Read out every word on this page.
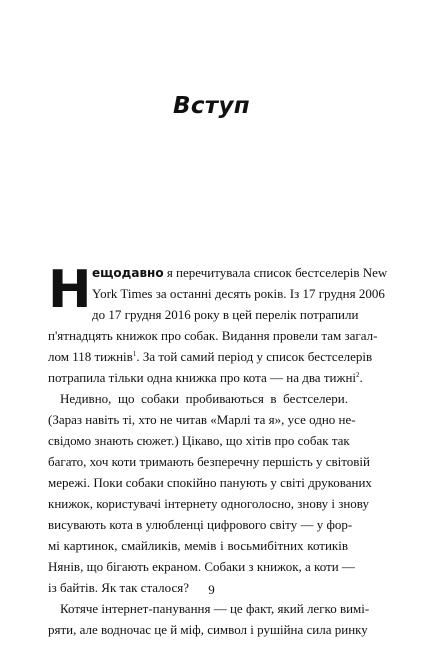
Вступ
Н ещодавно я перечитувала список бестселерів New
York Times за останні десять років. Із 17 грудня 2006
до 17 грудня 2016 року в цей перелік потрапили
п'ятнадцять книжок про собак. Видання провели там загал-
лом 118 тижнів$^1$. За той самий період у список бестселерів
потрапила тільки одна книжка про кота — на два тижні$^2$.
Недивно, що собаки пробиваються в бестселери.
(Зараз навіть ті, хто не читав «Марлі та я», усе одно не-
свідомо знають сюжет.) Цікаво, що хітів про собак так
багато, хоч коти тримають безперечну першість у світовій
мережі. Поки собаки спокійно панують у світі друкованих
книжок, користувачі інтернету одноголосно, знову і знову
висувають кота в улюбленці цифрового світу — у фор-
мі картинок, смайликів, мемів і восьмибітних котиків
Нянів, що бігають екраном. Собаки з книжок, а коти —
із байтів. Як так сталося?
Котяче інтернет-панування — це факт, який легко вимі-
ряти, але водночас це й міф, символ і рушійна сила ринку
9
